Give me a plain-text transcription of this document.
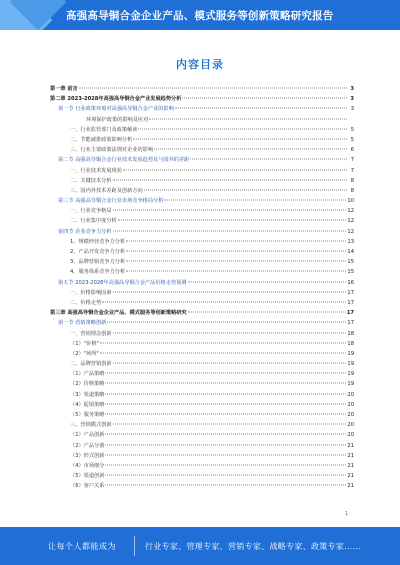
高强高导铜合金企业产品、模式服务等创新策略研究报告
内容目录
第一章 前言	3
第二章 2023-2028年高强高导铜合金产业发展趋势分析	3
第一节 行业政策环境对高强高导铜合金产业的影响	3
环境保护政策的影响及应对
一、行业监管部门及政策解读	5
二、节能减排政策影响分析	5
三、行业主要政策法规对企业的影响	6
第二节 高强高导铜合金行业技术发展趋势及与国外的差距	7
一、行业技术发展现状	7
二、关键技术分析	8
三、国内外技术差距及创新方向	8
第三节 高强高导铜合金行业市场竞争格局分析	10
一、行业竞争格局	12
二、行业集中度分析	12
第四节 企业竞争力分析	12
1、规模经营竞争力分析	13
2、产品开发竞争力分析	14
3、品牌营销竞争力分析	15
4、服务体系竞争力分析	15
第五节 2023-2028年高强高导铜合金产品价格走势预测	16
一、价格影响因素	17
二、价格走势	17
第三章 高强高导铜合金企业产品、模式服务等创新策略研究	17
第一节 营销策略创新	17
一、营销理念创新	18
（1）"价格"	18
（2）"场所"	19
二、品牌营销创新	19
（1）产品策略	19
（2）价格策略	19
（3）渠道策略	20
（4）促销策略	20
（5）服务策略	20
三、营销模式创新	20
（1）产品创新	20
（2）产品分割	21
（3）形式创新	21
（4）市场细分	21
（5）渠道创新	21
（6）客户关系	21
1
让每个人都能成为	行业专家、管理专家、营销专家、战略专家、政策专家……
